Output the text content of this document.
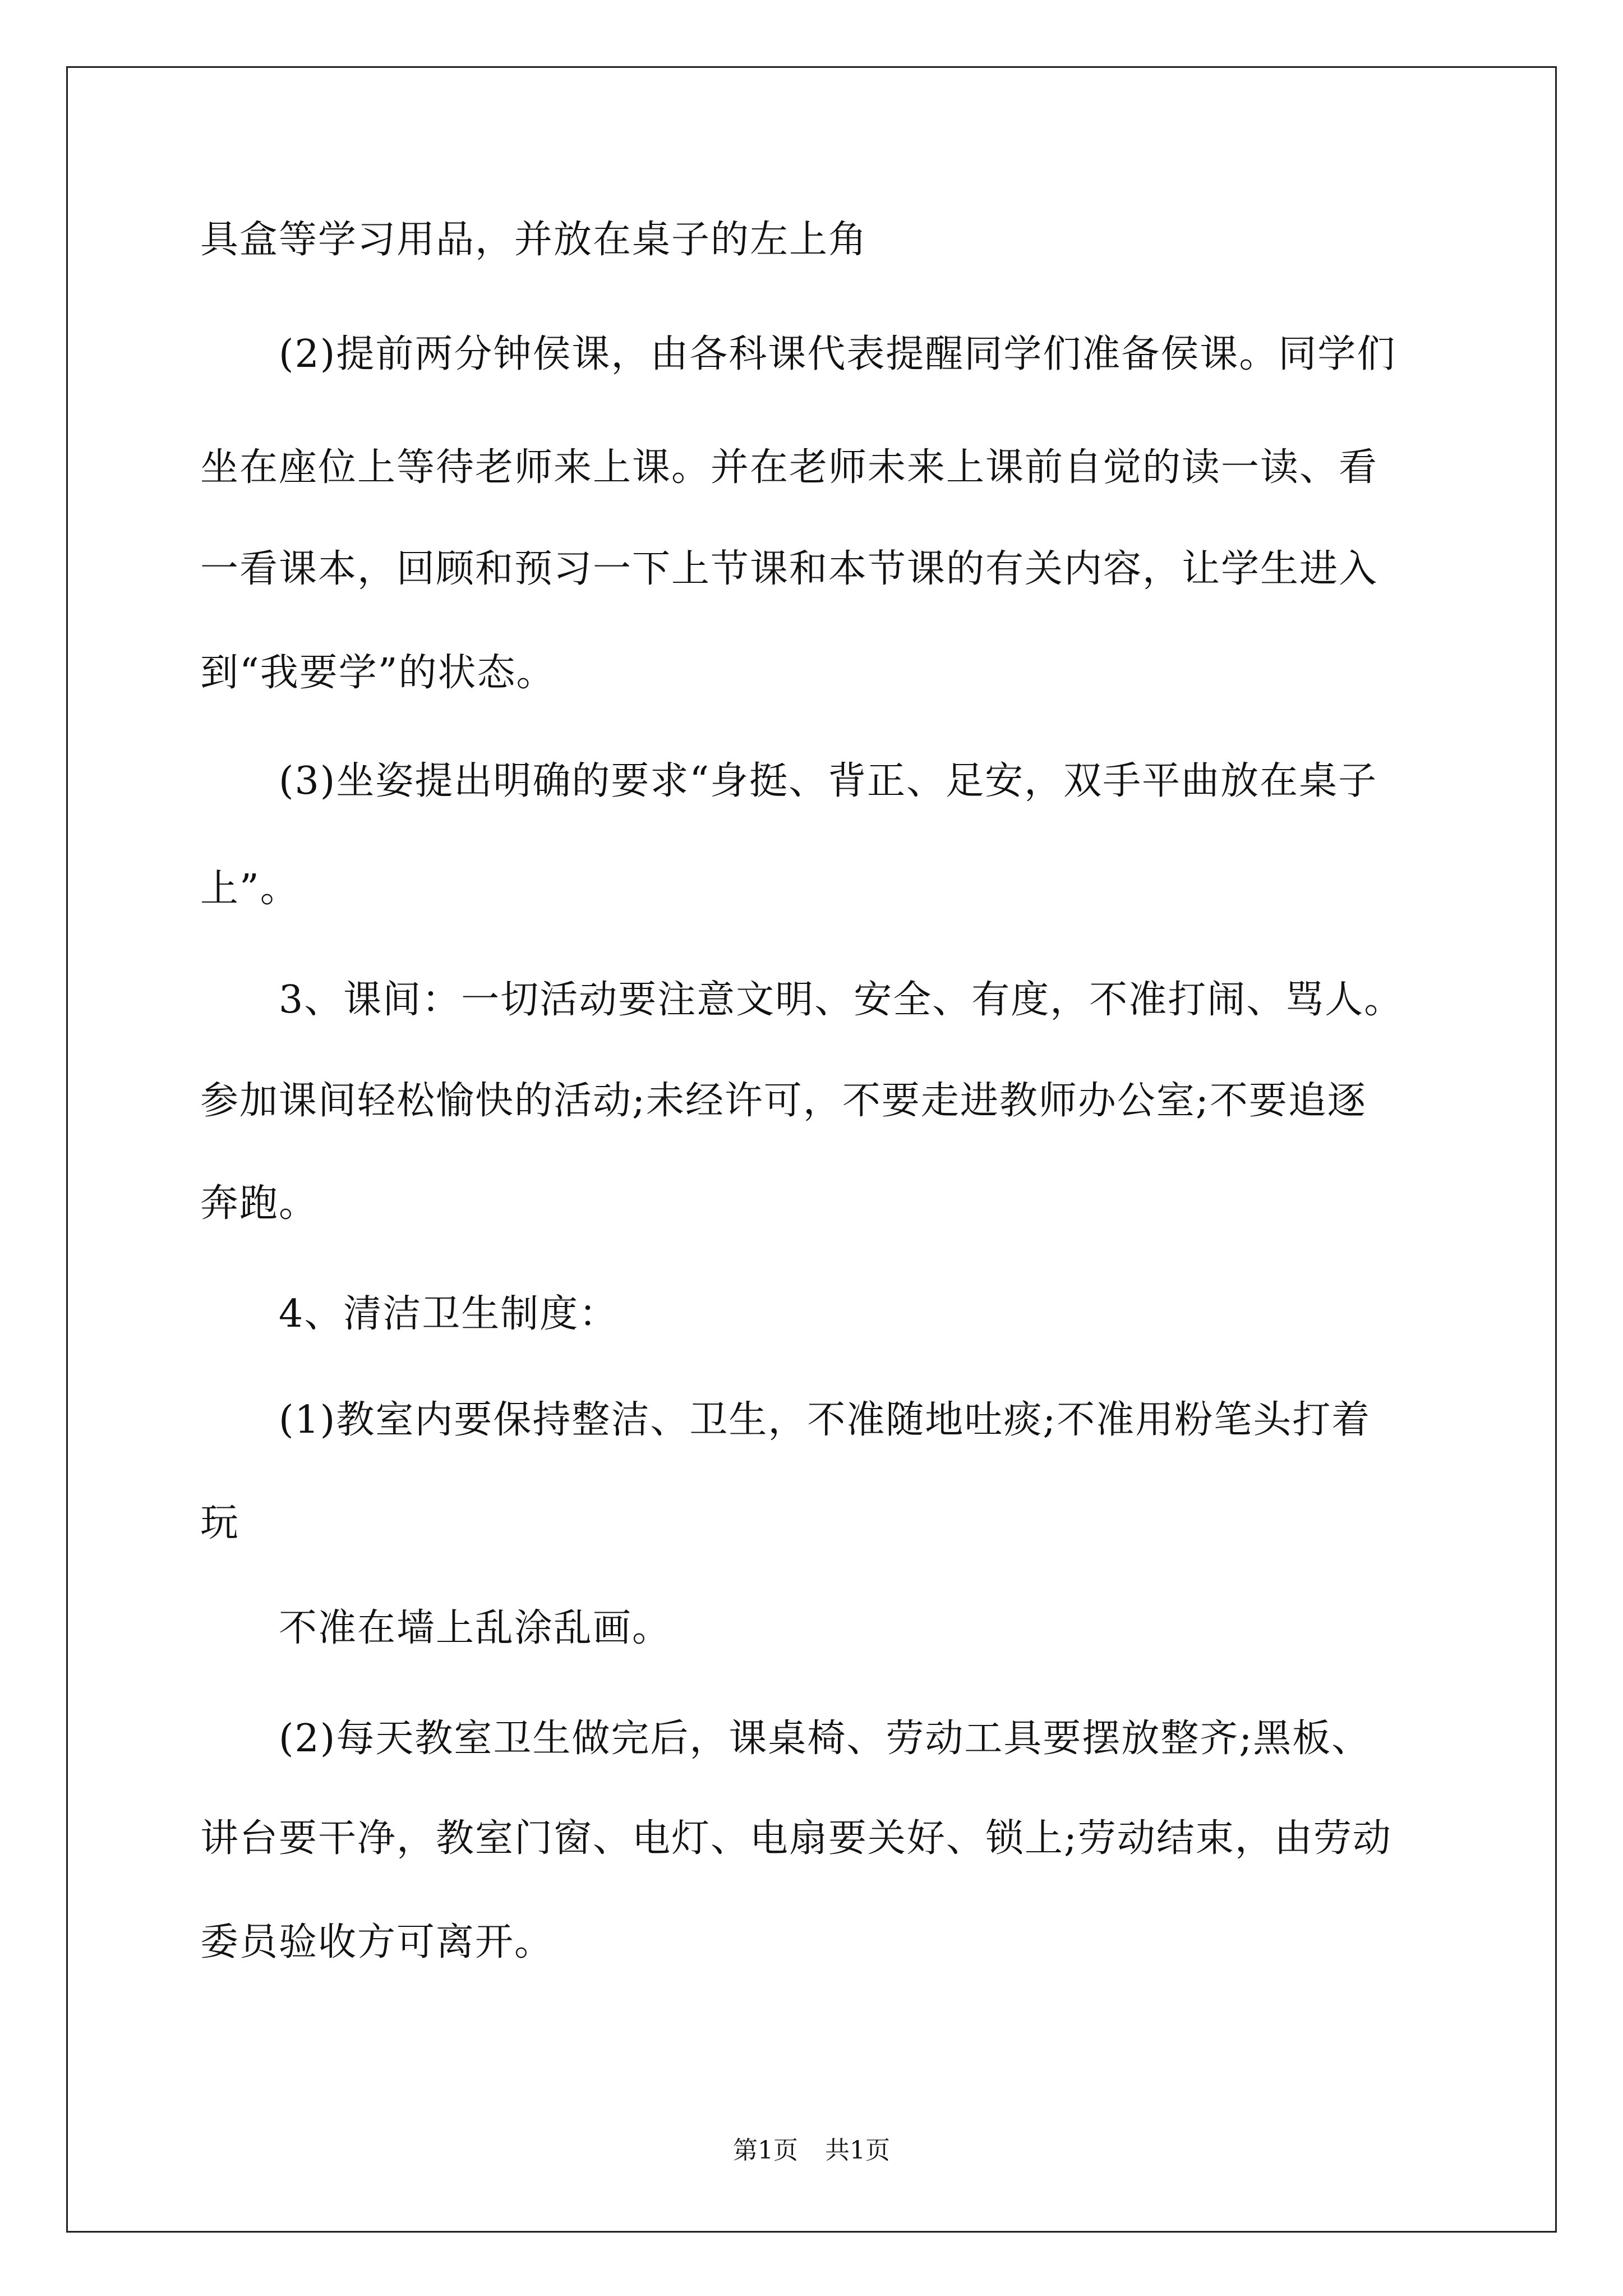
具盒等学习用品，并放在桌子的左上角
(2)提前两分钟侯课，由各科课代表提醒同学们准备侯课。同学们
坐在座位上等待老师来上课。并在老师未来上课前自觉的读一读、看
一看课本，回顾和预习一下上节课和本节课的有关内容，让学生进入
到“我要学”的状态。
(3)坐姿提出明确的要求“身挺、背正、足安，双手平曲放在桌子
上”。
3、课间：一切活动要注意文明、安全、有度，不准打闹、骂人。
参加课间轻松愉快的活动;未经许可，不要走进教师办公室;不要追逐
奔跑。
4、清洁卫生制度：
(1)教室内要保持整洁、卫生，不准随地吐痰;不准用粉笔头打着
玩
不准在墙上乱涂乱画。
(2)每天教室卫生做完后，课桌椅、劳动工具要摆放整齐;黑板、
讲台要干净，教室门窗、电灯、电扇要关好、锁上;劳动结束，由劳动
委员验收方可离开。
第1页 共1页
